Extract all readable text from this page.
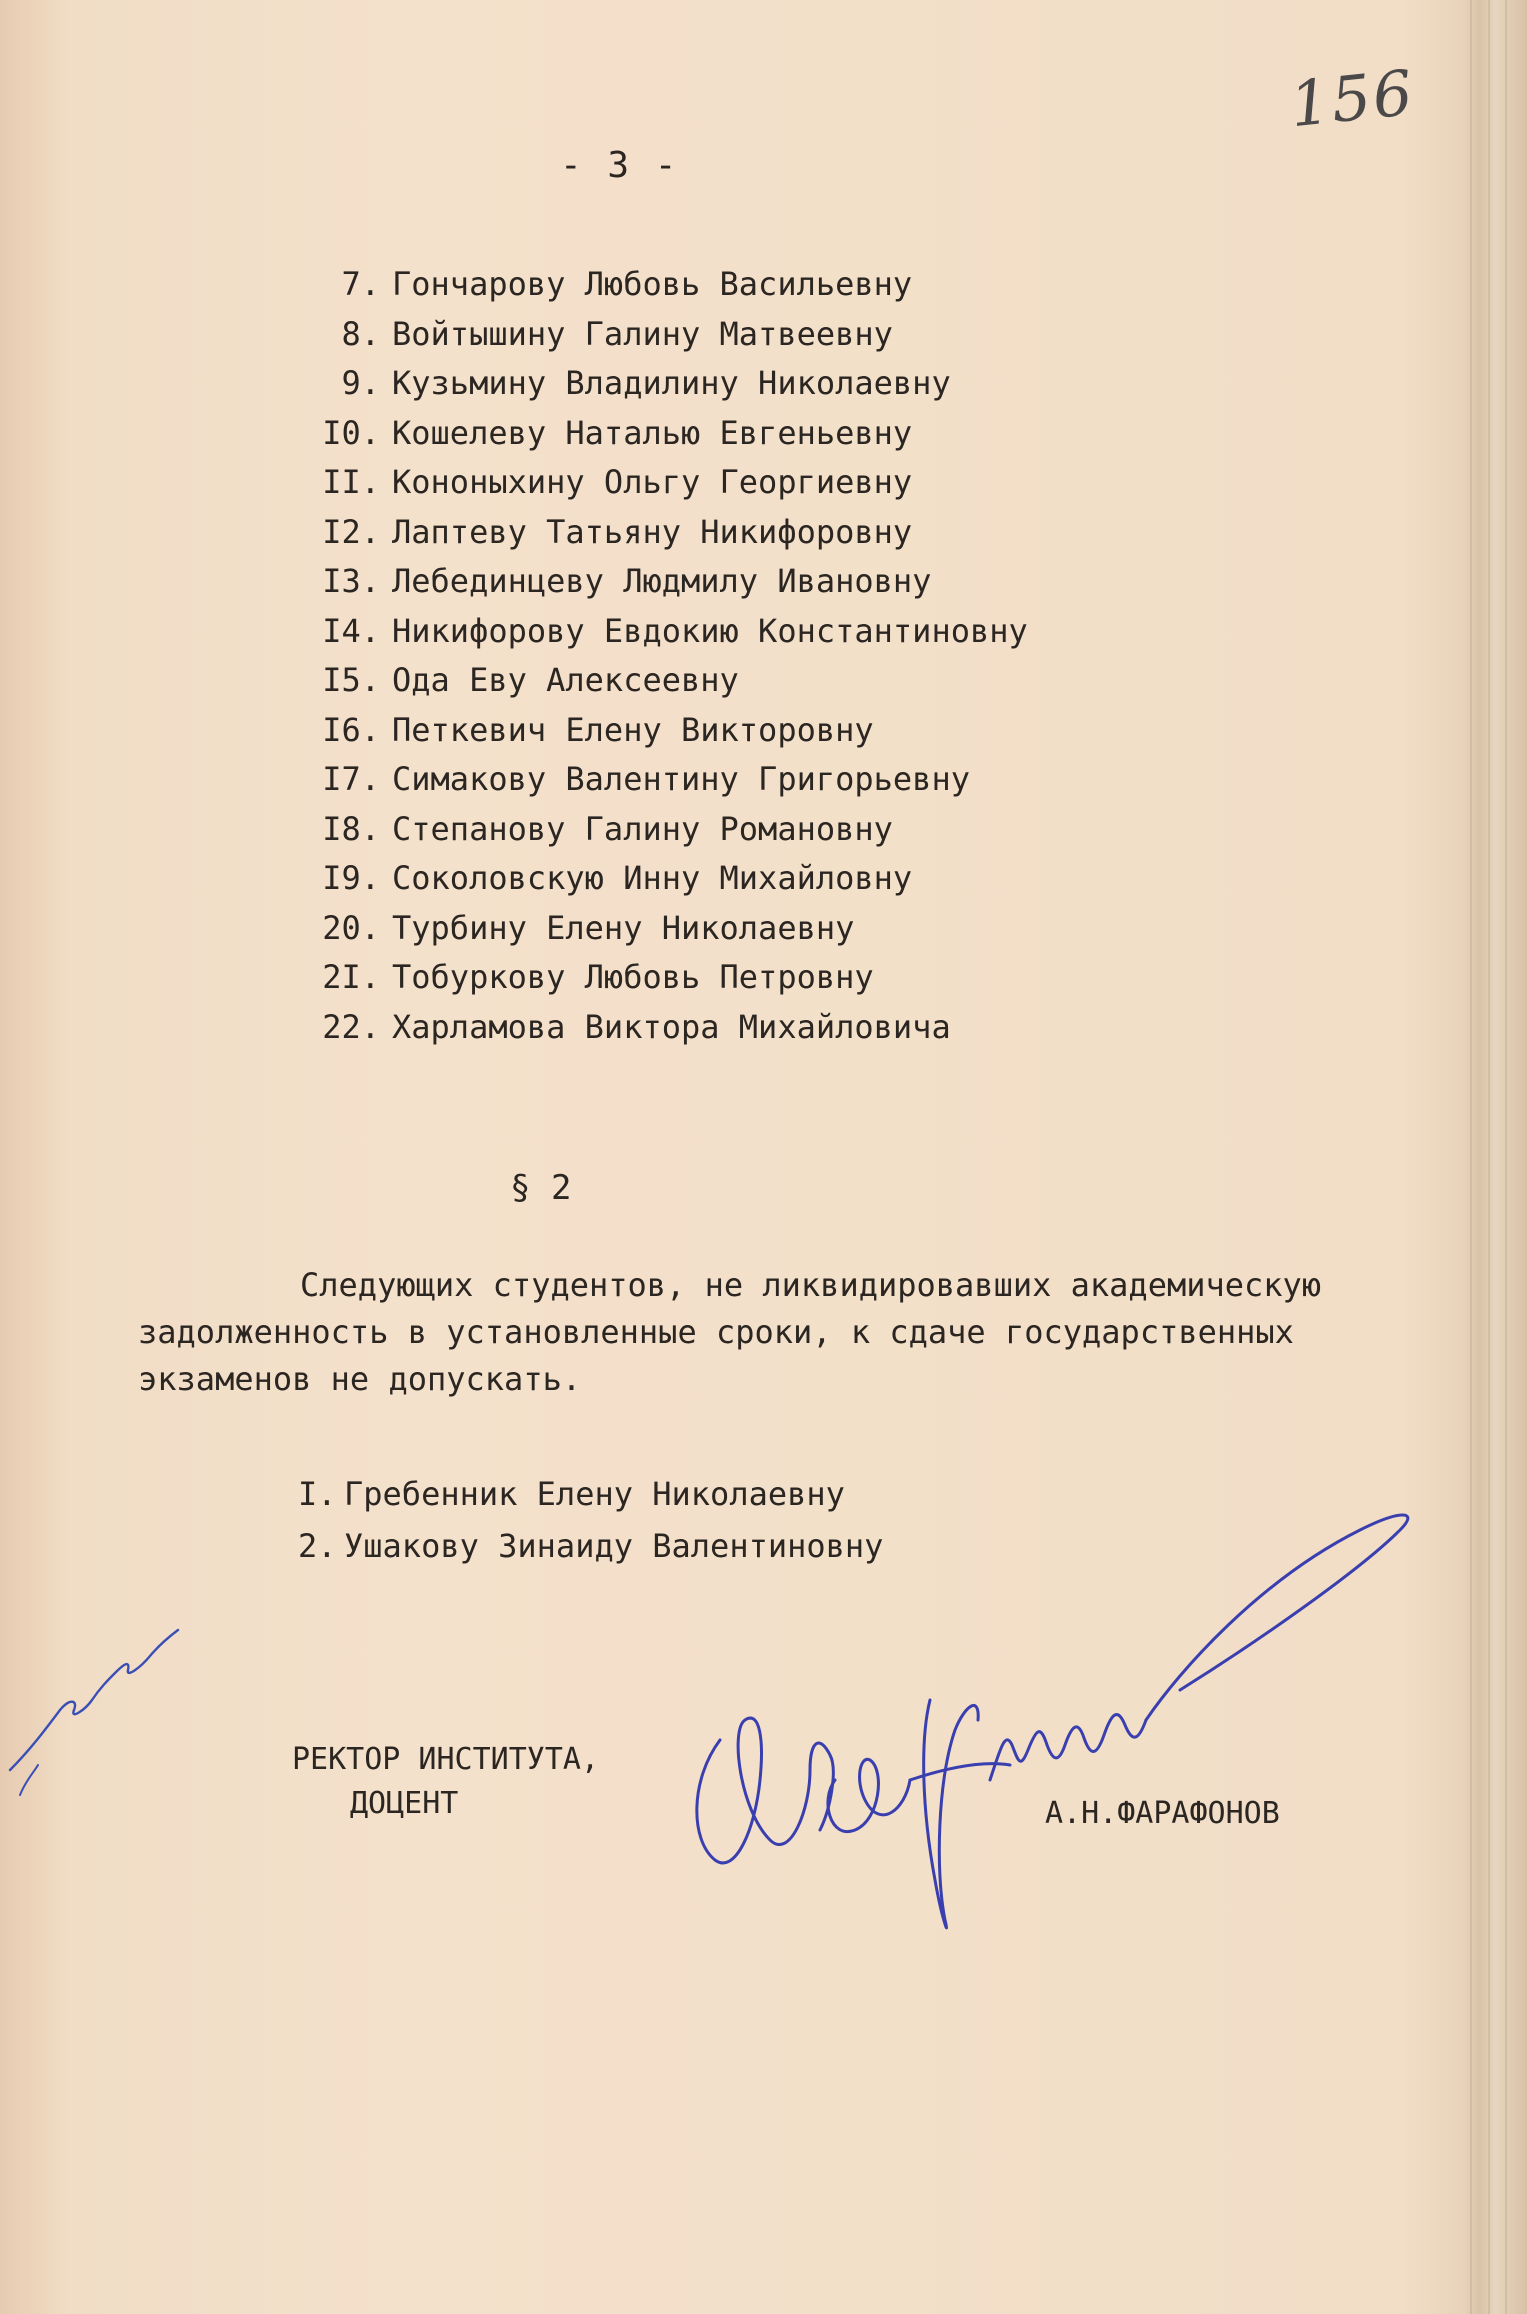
156
- 3 -
7. Гончарову Любовь Васильевну
8. Войтышину Галину Матвеевну
9. Кузьмину Владилину Николаевну
I0. Кошелеву Наталью Евгеньевну
II. Кононыхину Ольгу Георгиевну
I2. Лаптеву Татьяну Никифоровну
I3. Лебединцеву Людмилу Ивановну
I4. Никифорову Евдокию Константиновну
I5. Ода Еву Алексеевну
I6. Петкевич Елену Викторовну
I7. Симакову Валентину Григорьевну
I8. Степанову Галину Романовну
I9. Соколовскую Инну Михайловну
20. Турбину Елену Николаевну
2I. Тобуркову Любовь Петровну
22. Харламова Виктора Михайловича
§ 2

Следующих студентов, не ликвидировавших академическую задолженность в установленные сроки, к сдаче государственных экзаменов не допускать.

I. Гребенник Елену Николаевну
2. Ушакову Зинаиду Валентиновну
РЕКТОР ИНСТИТУТА,
ДОЦЕНТ	А.Н.ФАРАФОНОВ
